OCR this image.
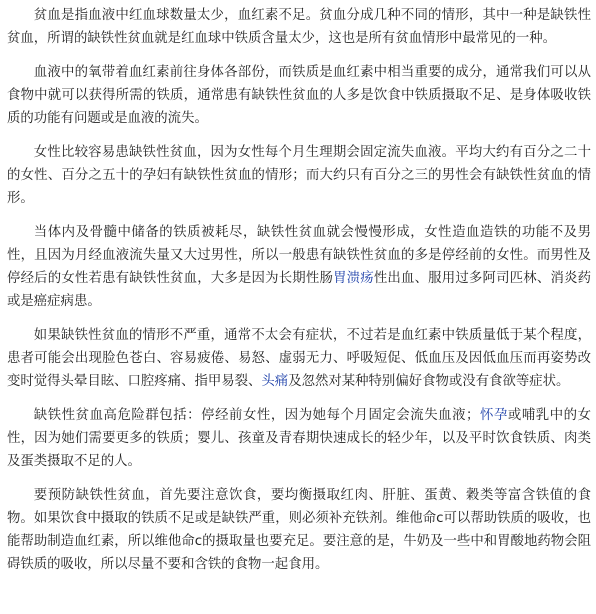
贫血是指血液中红血球数量太少，血红素不足。贫血分成几种不同的情形，其中一种是缺铁性贫血，所谓的缺铁性贫血就是红血球中铁质含量太少，这也是所有贫血情形中最常见的一种。

血液中的氧带着血红素前往身体各部份，而铁质是血红素中相当重要的成分，通常我们可以从食物中就可以获得所需的铁质，通常患有缺铁性贫血的人多是饮食中铁质摄取不足、是身体吸收铁质的功能有问题或是血液的流失。

女性比较容易患缺铁性贫血，因为女性每个月生理期会固定流失血液。平均大约有百分之二十的女性、百分之五十的孕妇有缺铁性贫血的情形；而大约只有百分之三的男性会有缺铁性贫血的情形。

当体内及骨髓中储备的铁质被耗尽，缺铁性贫血就会慢慢形成，女性造血造铁的功能不及男性，且因为月经血液流失量又大过男性，所以一般患有缺铁性贫血的多是停经前的女性。而男性及停经后的女性若患有缺铁性贫血，大多是因为长期性肠胃溃疡性出血、服用过多阿司匹林、消炎药或是癌症病患。

如果缺铁性贫血的情形不严重，通常不太会有症状，不过若是血红素中铁质量低于某个程度，患者可能会出现脸色苍白、容易疲倦、易怒、虚弱无力、呼吸短促、低血压及因低血压而再姿势改变时觉得头晕目眩、口腔疼痛、指甲易裂、头痛及忽然对某种特别偏好食物或没有食欲等症状。

缺铁性贫血高危险群包括：停经前女性，因为她每个月固定会流失血液；怀孕或哺乳中的女性，因为她们需要更多的铁质；婴儿、孩童及青春期快速成长的轻少年，以及平时饮食铁质、肉类及蛋类摄取不足的人。

要预防缺铁性贫血，首先要注意饮食，要均衡摄取红肉、肝脏、蛋黄、穀类等富含铁值的食物。如果饮食中摄取的铁质不足或是缺铁严重，则必须补充铁剂。维他命c可以帮助铁质的吸收，也能帮助制造血红素，所以维他命c的摄取量也要充足。要注意的是，牛奶及一些中和胃酸地药物会阻碍铁质的吸收，所以尽量不要和含铁的食物一起食用。
